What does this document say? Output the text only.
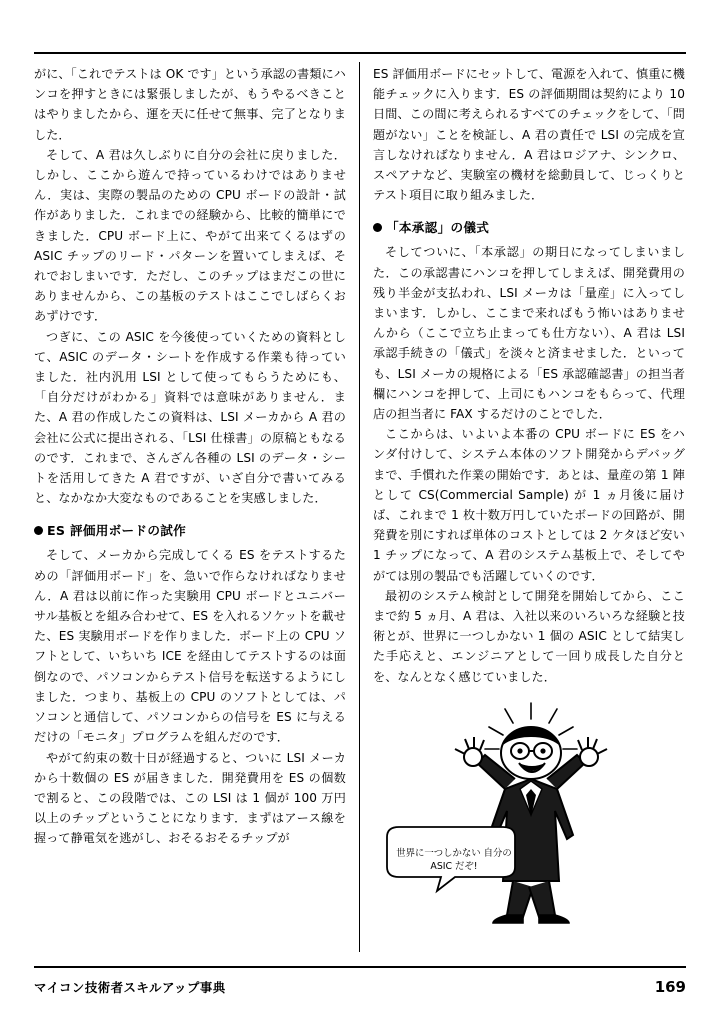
がに、「これでテストは OK です」という承認の書類にハンコを押すときには緊張しましたが、もうやるべきことはやりましたから、運を天に任せて無事、完了となりました．

そして、A 君は久しぶりに自分の会社に戻りました．しかし、ここから遊んで持っているわけではありません．実は、実際の製品のための CPU ボードの設計・試作がありました．これまでの経験から、比較的簡単にできました．CPU ボード上に、やがて出来てくるはずの ASIC チップのリード・パターンを置いてしまえば、それでおしまいです．ただし、このチップはまだこの世にありませんから、この基板のテストはここでしばらくおあずけです．

つぎに、この ASIC を今後使っていくための資料として、ASIC のデータ・シートを作成する作業も待っていました．社内汎用 LSI として使ってもらうためにも、「自分だけがわかる」資料では意味がありません．また、A 君の作成したこの資料は、LSI メーカから A 君の会社に公式に提出される、「LSI 仕様書」の原稿ともなるのです．これまで、さんざん各種の LSI のデータ・シートを活用してきた A 君ですが、いざ自分で書いてみると、なかなか大変なものであることを実感しました．

ES 評価用ボードの試作

そして、メーカから完成してくる ES をテストするための「評価用ボード」を、急いで作らなければなりません．A 君は以前に作った実験用 CPU ボードとユニバーサル基板とを組み合わせて、ES を入れるソケットを載せた、ES 実験用ボードを作りました．ボード上の CPU ソフトとして、いちいち ICE を経由してテストするのは面倒なので、パソコンからテスト信号を転送するようにしました．つまり、基板上の CPU のソフトとしては、パソコンと通信して、パソコンからの信号を ES に与えるだけの「モニタ」プログラムを組んだのです．

やがて約束の数十日が経過すると、ついに LSI メーカから十数個の ES が届きました．開発費用を ES の個数で割ると、この段階では、この LSI は 1 個が 100 万円以上のチップということになります．まずはアース線を握って静電気を逃がし、おそるおそるチップが

ES 評価用ボードにセットして、電源を入れて、慎重に機能チェックに入ります．ES の評価期間は契約により 10 日間、この間に考えられるすべてのチェックをして、「問題がない」ことを検証し、A 君の責任で LSI の完成を宣言しなければなりません．A 君はロジアナ、シンクロ、スペアナなど、実験室の機材を総動員して、じっくりとテスト項目に取り組みました．

「本承認」の儀式

そしてついに、「本承認」の期日になってしまいました．この承認書にハンコを押してしまえば、開発費用の残り半金が支払われ、LSI メーカは「量産」に入ってしまいます．しかし、ここまで来ればもう怖いはありませんから（ここで立ち止まっても仕方ない）、A 君は LSI 承認手続きの「儀式」を淡々と済ませました．といっても、LSI メーカの規格による「ES 承認確認書」の担当者欄にハンコを押して、上司にもハンコをもらって、代理店の担当者に FAX するだけのことでした．

ここからは、いよいよ本番の CPU ボードに ES をハンダ付けして、システム本体のソフト開発からデバッグまで、手慣れた作業の開始です．あとは、量産の第 1 陣として CS(Commercial Sample) が 1 ヵ月後に届けば、これまで 1 枚十数万円していたボードの回路が、開発費を別にすれば単体のコストとしては 2 ケタほど安い 1 チップになって、A 君のシステム基板上で、そしてやがては別の製品でも活躍していくのです．

最初のシステム検討として開発を開始してから、ここまで約 5 ヵ月、A 君は、入社以来のいろいろな経験と技術とが、世界に一つしかない 1 個の ASIC として結実した手応えと、エンジニアとして一回り成長した自分とを、なんとなく感じていました．

世界に一つしかない 自分の ASIC だぞ!
マイコン技術者スキルアップ事典	169
